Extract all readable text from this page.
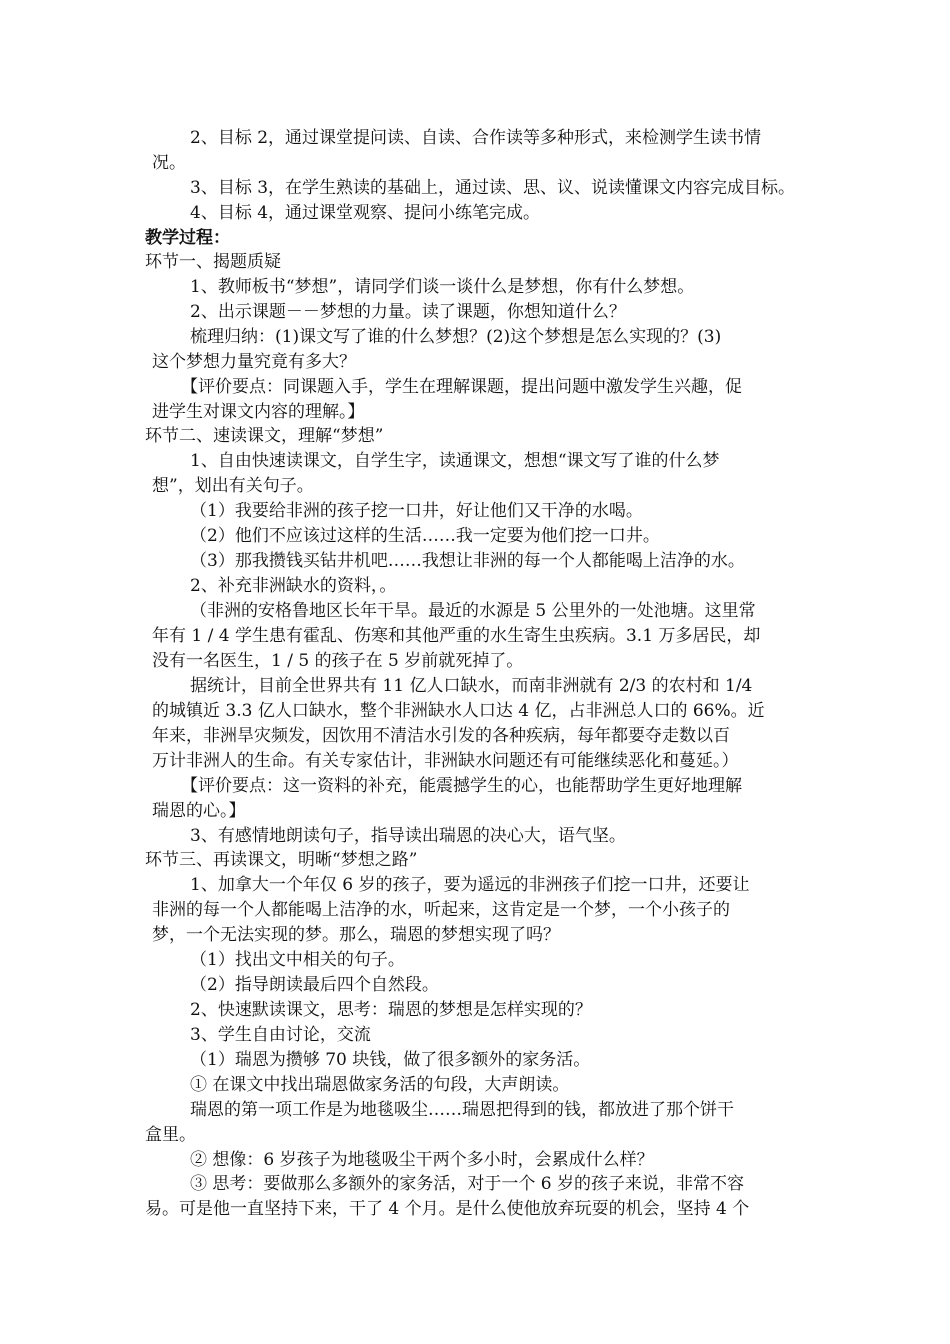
2、目标 2，通过课堂提问读、自读、合作读等多种形式，来检测学生读书情
况。
3、目标 3，在学生熟读的基础上，通过读、思、议、说读懂课文内容完成目标。
4、目标 4，通过课堂观察、提问小练笔完成。
教学过程：
环节一、揭题质疑
1、教师板书“梦想”，请同学们谈一谈什么是梦想，你有什么梦想。
2、出示课题－－梦想的力量。读了课题，你想知道什么？
梳理归纳：(1)课文写了谁的什么梦想？(2)这个梦想是怎么实现的？(3)
这个梦想力量究竟有多大？
【评价要点：同课题入手，学生在理解课题，提出问题中激发学生兴趣，促
进学生对课文内容的理解。】
环节二、速读课文，理解“梦想”
1、自由快速读课文，自学生字，读通课文，想想“课文写了谁的什么梦
想”，划出有关句子。
（1）我要给非洲的孩子挖一口井，好让他们又干净的水喝。
（2）他们不应该过这样的生活……我一定要为他们挖一口井。
（3）那我攒钱买钻井机吧……我想让非洲的每一个人都能喝上洁净的水。
2、补充非洲缺水的资料，。
（非洲的安格鲁地区长年干旱。最近的水源是 5 公里外的一处池塘。这里常
年有 1 / 4 学生患有霍乱、伤寒和其他严重的水生寄生虫疾病。3.1 万多居民，却
没有一名医生，1 / 5 的孩子在 5 岁前就死掉了。
据统计，目前全世界共有 11 亿人口缺水，而南非洲就有 2/3 的农村和 1/4
的城镇近 3.3 亿人口缺水，整个非洲缺水人口达 4 亿，占非洲总人口的 66%。近
年来，非洲旱灾频发，因饮用不清洁水引发的各种疾病，每年都要夺走数以百
万计非洲人的生命。有关专家估计，非洲缺水问题还有可能继续恶化和蔓延。）
【评价要点：这一资料的补充，能震撼学生的心，也能帮助学生更好地理解
瑞恩的心。】
3、有感情地朗读句子，指导读出瑞恩的决心大，语气坚。
环节三、再读课文，明晰“梦想之路”
1、加拿大一个年仅 6 岁的孩子，要为遥远的非洲孩子们挖一口井，还要让
非洲的每一个人都能喝上洁净的水，听起来，这肯定是一个梦，一个小孩子的
梦，一个无法实现的梦。那么，瑞恩的梦想实现了吗？
（1）找出文中相关的句子。
（2）指导朗读最后四个自然段。
2、快速默读课文，思考：瑞恩的梦想是怎样实现的？
3、学生自由讨论，交流
（1）瑞恩为攒够 70 块钱，做了很多额外的家务活。
① 在课文中找出瑞恩做家务活的句段，大声朗读。
瑞恩的第一项工作是为地毯吸尘……瑞恩把得到的钱，都放进了那个饼干
盒里。
② 想像：6 岁孩子为地毯吸尘干两个多小时，会累成什么样？
③ 思考：要做那么多额外的家务活，对于一个 6 岁的孩子来说，非常不容
易。可是他一直坚持下来，干了 4 个月。是什么使他放弃玩耍的机会，坚持 4 个
